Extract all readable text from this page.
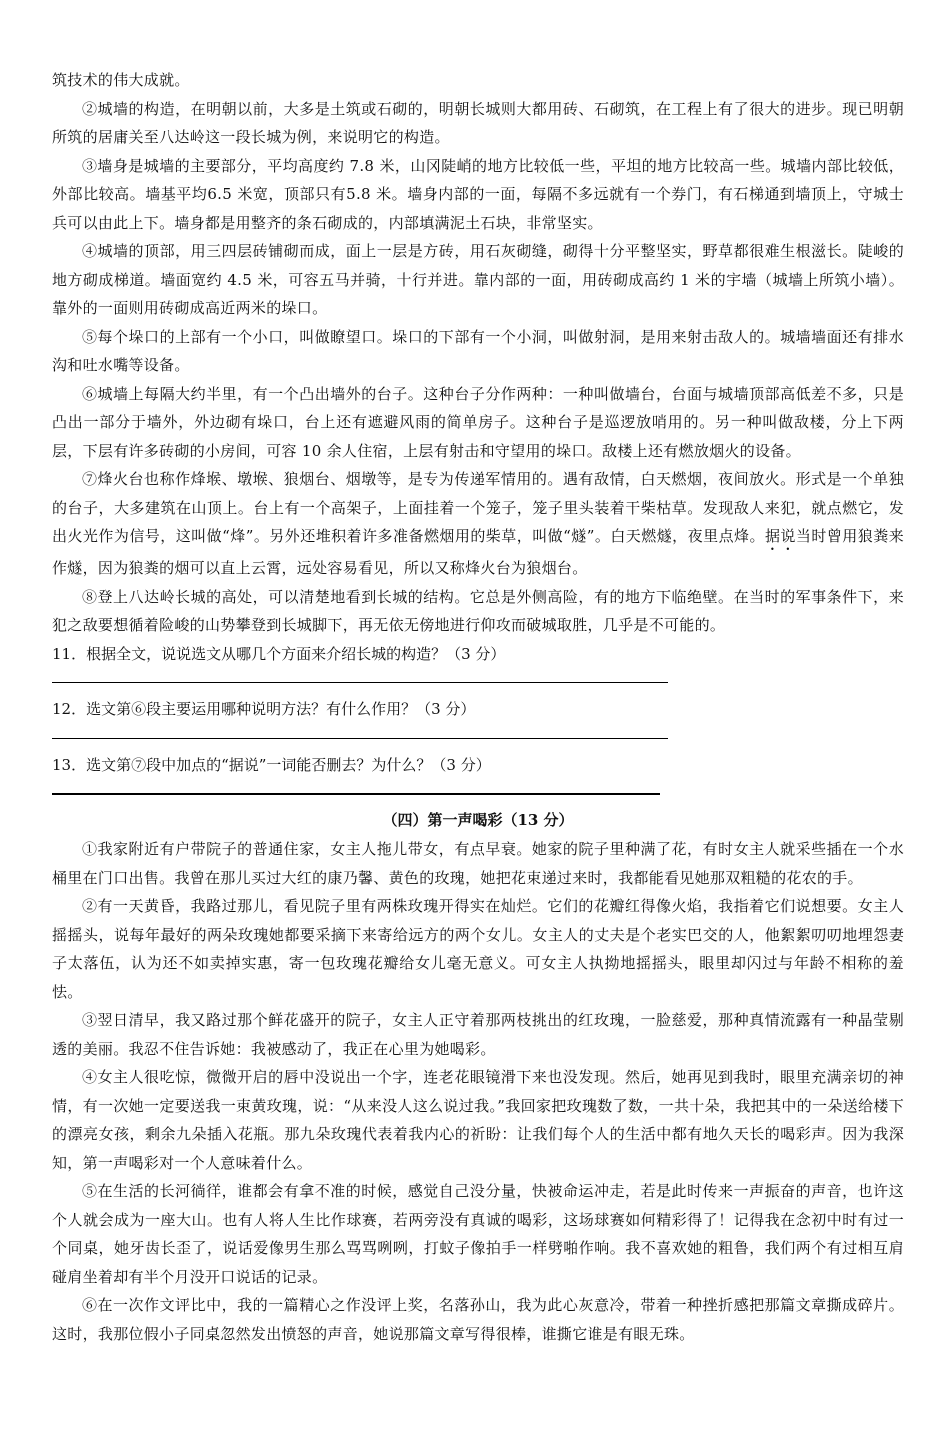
筑技术的伟大成就。

②城墙的构造，在明朝以前，大多是土筑或石砌的，明朝长城则大都用砖、石砌筑，在工程上有了很大的进步。现已明朝所筑的居庸关至八达岭这一段长城为例，来说明它的构造。

③墙身是城墙的主要部分，平均高度约 7.8 米，山冈陡峭的地方比较低一些，平坦的地方比较高一些。城墙内部比较低，外部比较高。墙基平均6.5 米宽，顶部只有5.8 米。墙身内部的一面，每隔不多远就有一个券门，有石梯通到墙顶上，守城士兵可以由此上下。墙身都是用整齐的条石砌成的，内部填满泥土石块，非常坚实。

④城墙的顶部，用三四层砖铺砌而成，面上一层是方砖，用石灰砌缝，砌得十分平整坚实，野草都很难生根滋长。陡峻的地方砌成梯道。墙面宽约 4.5 米，可容五马并骑，十行并进。靠内部的一面，用砖砌成高约 1 米的宇墙（城墙上所筑小墙）。靠外的一面则用砖砌成高近两米的垛口。

⑤每个垛口的上部有一个小口，叫做瞭望口。垛口的下部有一个小洞，叫做射洞，是用来射击敌人的。城墙墙面还有排水沟和吐水嘴等设备。

⑥城墙上每隔大约半里，有一个凸出墙外的台子。这种台子分作两种：一种叫做墙台，台面与城墙顶部高低差不多，只是凸出一部分于墙外，外边砌有垛口，台上还有遮避风雨的简单房子。这种台子是巡逻放哨用的。另一种叫做敌楼，分上下两层，下层有许多砖砌的小房间，可容 10 余人住宿，上层有射击和守望用的垛口。敌楼上还有燃放烟火的设备。

⑦烽火台也称作烽堠、墩堠、狼烟台、烟墩等，是专为传递军情用的。遇有敌情，白天燃烟，夜间放火。形式是一个单独的台子，大多建筑在山顶上。台上有一个高架子，上面挂着一个笼子，笼子里头装着干柴枯草。发现敌人来犯，就点燃它，发出火光作为信号，这叫做“烽”。另外还堆积着许多准备燃烟用的柴草，叫做“燧”。白天燃燧，夜里点烽。据说当时曾用狼粪来作燧，因为狼粪的烟可以直上云霄，远处容易看见，所以又称烽火台为狼烟台。

⑧登上八达岭长城的高处，可以清楚地看到长城的结构。它总是外侧高险，有的地方下临绝壁。在当时的军事条件下，来犯之敌要想循着险峻的山势攀登到长城脚下，再无依无傍地进行仰攻而破城取胜，几乎是不可能的。

11．根据全文，说说选文从哪几个方面来介绍长城的构造？（3 分）

12．选文第⑥段主要运用哪种说明方法？有什么作用？（3 分）

13．选文第⑦段中加点的“据说”一词能否删去？为什么？（3 分）

（四）第一声喝彩（13 分）

①我家附近有户带院子的普通住家，女主人拖儿带女，有点早衰。她家的院子里种满了花，有时女主人就采些插在一个水桶里在门口出售。我曾在那儿买过大红的康乃馨、黄色的玫瑰，她把花束递过来时，我都能看见她那双粗糙的花农的手。

②有一天黄昏，我路过那儿，看见院子里有两株玫瑰开得实在灿烂。它们的花瓣红得像火焰，我指着它们说想要。女主人摇摇头，说每年最好的两朵玫瑰她都要采摘下来寄给远方的两个女儿。女主人的丈夫是个老实巴交的人，他絮絮叨叨地埋怨妻子太落伍，认为还不如卖掉实惠，寄一包玫瑰花瓣给女儿毫无意义。可女主人执拗地摇摇头，眼里却闪过与年龄不相称的羞怯。

③翌日清早，我又路过那个鲜花盛开的院子，女主人正守着那两枝挑出的红玫瑰，一脸慈爱，那种真情流露有一种晶莹剔透的美丽。我忍不住告诉她：我被感动了，我正在心里为她喝彩。

④女主人很吃惊，微微开启的唇中没说出一个字，连老花眼镜滑下来也没发现。然后，她再见到我时，眼里充满亲切的神情，有一次她一定要送我一束黄玫瑰，说：“从来没人这么说过我。”我回家把玫瑰数了数，一共十朵，我把其中的一朵送给楼下的漂亮女孩，剩余九朵插入花瓶。那九朵玫瑰代表着我内心的祈盼：让我们每个人的生活中都有地久天长的喝彩声。因为我深知，第一声喝彩对一个人意味着什么。

⑤在生活的长河徜徉，谁都会有拿不准的时候，感觉自己没分量，快被命运冲走，若是此时传来一声振奋的声音，也许这个人就会成为一座大山。也有人将人生比作球赛，若两旁没有真诚的喝彩，这场球赛如何精彩得了！记得我在念初中时有过一个同桌，她牙齿长歪了，说话爱像男生那么骂骂咧咧，打蚊子像拍手一样劈啪作响。我不喜欢她的粗鲁，我们两个有过相互肩碰肩坐着却有半个月没开口说话的记录。

⑥在一次作文评比中，我的一篇精心之作没评上奖，名落孙山，我为此心灰意冷，带着一种挫折感把那篇文章撕成碎片。这时，我那位假小子同桌忽然发出愤怒的声音，她说那篇文章写得很棒，谁撕它谁是有眼无珠。
